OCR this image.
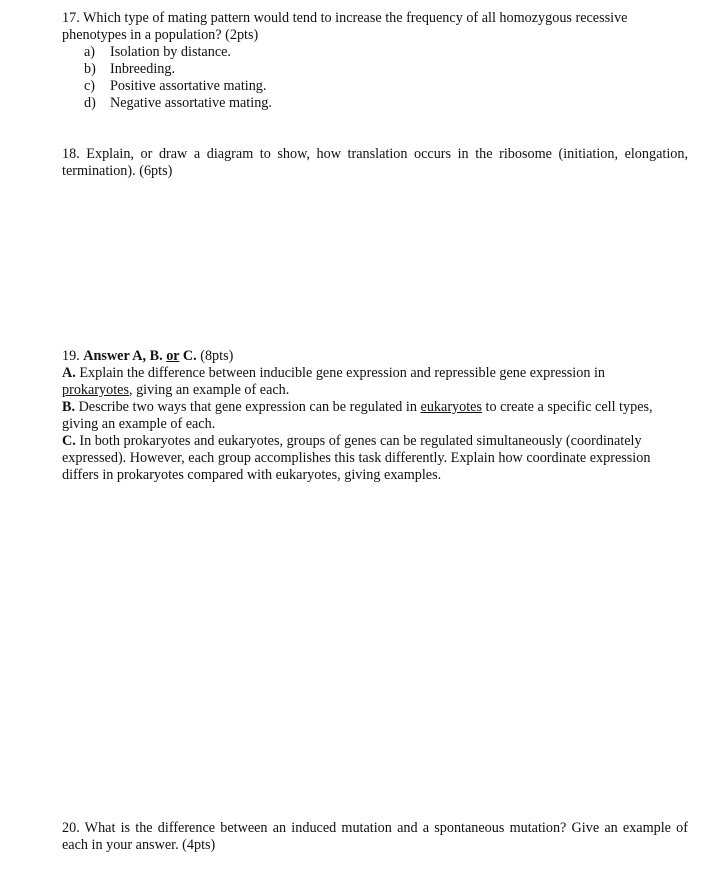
17. Which type of mating pattern would tend to increase the frequency of all homozygous recessive
phenotypes in a population? (2pts)
a) Isolation by distance.
b) Inbreeding.
c) Positive assortative mating.
d) Negative assortative mating.
18. Explain, or draw a diagram to show, how translation occurs in the ribosome (initiation, elongation, termination). (6pts)
19. Answer A, B. or C. (8pts)
A. Explain the difference between inducible gene expression and repressible gene expression in
prokaryotes, giving an example of each.
B. Describe two ways that gene expression can be regulated in eukaryotes to create a specific cell types, giving an example of each.
C. In both prokaryotes and eukaryotes, groups of genes can be regulated simultaneously (coordinately expressed). However, each group accomplishes this task differently. Explain how coordinate expression differs in prokaryotes compared with eukaryotes, giving examples.
20. What is the difference between an induced mutation and a spontaneous mutation? Give an example of each in your answer. (4pts)
